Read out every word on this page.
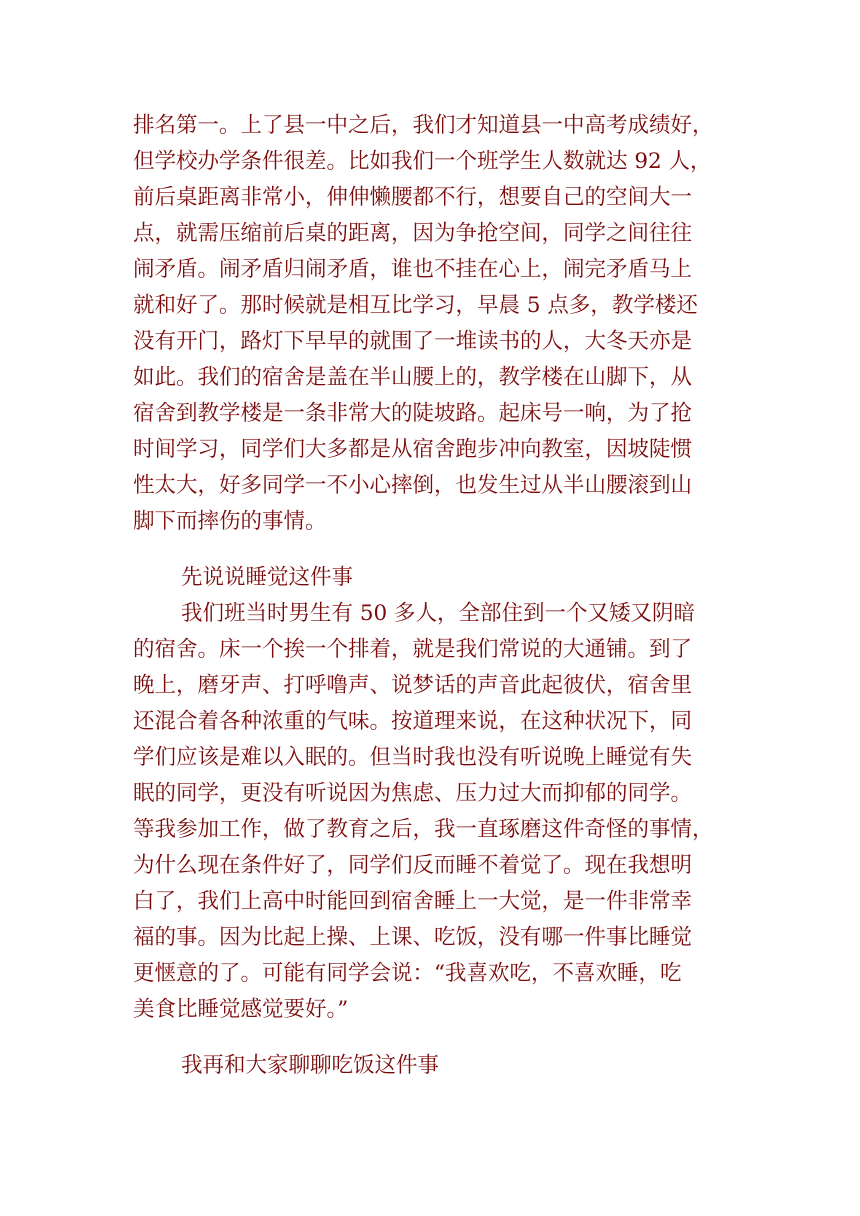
排名第一。上了县一中之后，我们才知道县一中高考成绩好，
但学校办学条件很差。比如我们一个班学生人数就达 92 人，
前后桌距离非常小，伸伸懒腰都不行，想要自己的空间大一
点，就需压缩前后桌的距离，因为争抢空间，同学之间往往
闹矛盾。闹矛盾归闹矛盾，谁也不挂在心上，闹完矛盾马上
就和好了。那时候就是相互比学习，早晨 5 点多，教学楼还
没有开门，路灯下早早的就围了一堆读书的人，大冬天亦是
如此。我们的宿舍是盖在半山腰上的，教学楼在山脚下，从
宿舍到教学楼是一条非常大的陡坡路。起床号一响，为了抢
时间学习，同学们大多都是从宿舍跑步冲向教室，因坡陡惯
性太大，好多同学一不小心摔倒，也发生过从半山腰滚到山
脚下而摔伤的事情。
先说说睡觉这件事
我们班当时男生有 50 多人，全部住到一个又矮又阴暗
的宿舍。床一个挨一个排着，就是我们常说的大通铺。到了
晚上，磨牙声、打呼噜声、说梦话的声音此起彼伏，宿舍里
还混合着各种浓重的气味。按道理来说，在这种状况下，同
学们应该是难以入眠的。但当时我也没有听说晚上睡觉有失
眠的同学，更没有听说因为焦虑、压力过大而抑郁的同学。
等我参加工作，做了教育之后，我一直琢磨这件奇怪的事情，
为什么现在条件好了，同学们反而睡不着觉了。现在我想明
白了，我们上高中时能回到宿舍睡上一大觉，是一件非常幸
福的事。因为比起上操、上课、吃饭，没有哪一件事比睡觉
更惬意的了。可能有同学会说：“我喜欢吃，不喜欢睡，吃
美食比睡觉感觉要好。”
我再和大家聊聊吃饭这件事
